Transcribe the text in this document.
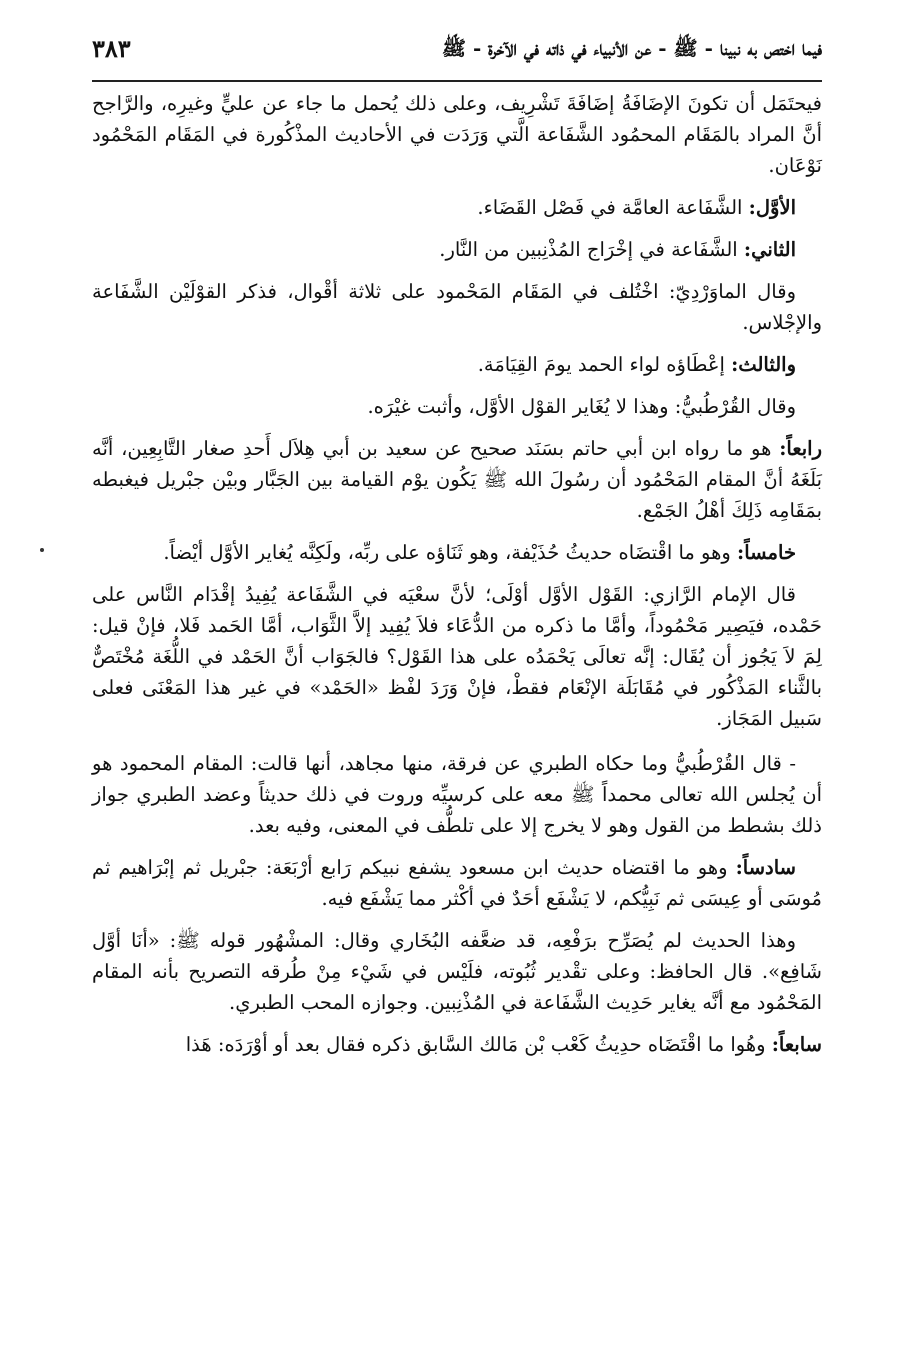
فيما اختص به نبينا - ﷺ - عن الأنبياء في ذاته في الآخرة - ﷺ
٣٨٣

فيحتَمَل أن تكونَ الإضَافَةُ إضَافَةَ تَشْرِيف، وعلى ذلك يُحمل ما جاء عن عليٍّ وغيرِه، والرَّاجح أنَّ المراد بالمَقَام المحمُود الشَّفَاعة الَّتي وَرَدَت في الأحاديث المذْكُورة في المَقَام المَحْمُود نَوْعَان.

الأوَّل: الشَّفَاعة العامَّة في فَصْل القَضَاء.

الثاني: الشَّفَاعة في إخْرَاج المُذْنِبين من النَّار.

وقال الماوَرْدِيّ: اخْتُلف في المَقَام المَحْمود على ثلاثة أقْوال، فذكر القوْلَيْن الشَّفَاعة والإجْلاس.

والثالث: إعْطَاؤه لواء الحمد يومَ القِيَامَة.

وقال القُرْطُبيُّ: وهذا لا يُغَاير القوْل الأوَّل، وأثبت غيْرَه.

رابعاً: هو ما رواه ابن أبي حاتم بسَنَد صحيح عن سعيد بن أبي هِلاَل أَحدِ صغار التَّابِعِين، أنَّه بَلَغَهُ أنَّ المقام المَحْمُود أن رسُولَ الله ﷺ يَكُون يوْم القيامة بين الجَبَّار وبيْن جبْريل فيغبطه بمَقَامِه ذَلِكَ أهْلُ الجَمْع.

خامساً: وهو ما اقْتضَاه حديثُ حُذَيْفة، وهو ثَنَاؤه على ربِّه، ولَكِنَّه يُغاير الأوَّل أيْضاً.

قال الإمام الرَّازي: القَوْل الأوَّل أوْلَى؛ لأنَّ سعْيَه في الشَّفَاعة يُفِيدُ إقْدَام النَّاس على حَمْده، فيَصِير مَحْمُوداً، وأمَّا ما ذكره من الدُّعَاء فلاَ يُفِيد إلاَّ الثَّوَاب، أمَّا الحَمد فَلا، فإنْ قيل: لِمَ لاَ يَجُوز أن يُقَال: إنَّه تعالَى يَحْمَدُه على هذا القَوْل؟ فالجَوَاب أنَّ الحَمْد في اللُّغَة مُخْتَصٌّ بالثَّناء المَذْكُور في مُقَابَلَة الإنْعَام فقطْ، فإنْ وَرَدَ لفْظ «الحَمْد» في غير هذا المَعْنَى فعلى سَبيل المَجَاز.

- قال القُرْطُبيُّ وما حكاه الطبري عن فرقة، منها مجاهد، أنها قالت: المقام المحمود هو أن يُجلس الله تعالى محمداً ﷺ معه على كرسيِّه وروت في ذلك حديثاً وعضد الطبري جواز ذلك بشطط من القول وهو لا يخرج إلا على تلطُّف في المعنى، وفيه بعد.

سادساً: وهو ما اقتضاه حديث ابن مسعود يشفع نبيكم رَابع أرْبَعَة: جبْريل ثم إبْرَاهيم ثم مُوسَى أو عِيسَى ثم نَبِيُّكم، لا يَشْفَع أحَدٌ في أكْثر مما يَشْفَع فيه.

وهذا الحديث لم يُصَرِّح برَفْعِه، قد ضعَّفه البُخَاري وقال: المشْهُور قوله ﷺ: «أنَا أوَّل شَافِع». قال الحافظ: وعلى تقْدير ثُبُوته، فلَيْس في شَيْء مِنْ طُرقه التصريح بأنه المقام المَحْمُود مع أنَّه يغاير حَدِيث الشَّفَاعة في المُذْنِبين. وجوازه المحب الطبري.

سابعاً: وهُوا ما اقْتَضَاه حدِيثُ كَعْب بْن مَالك السَّابق ذكره فقال بعد أو أوْرَدَه: هَذا
